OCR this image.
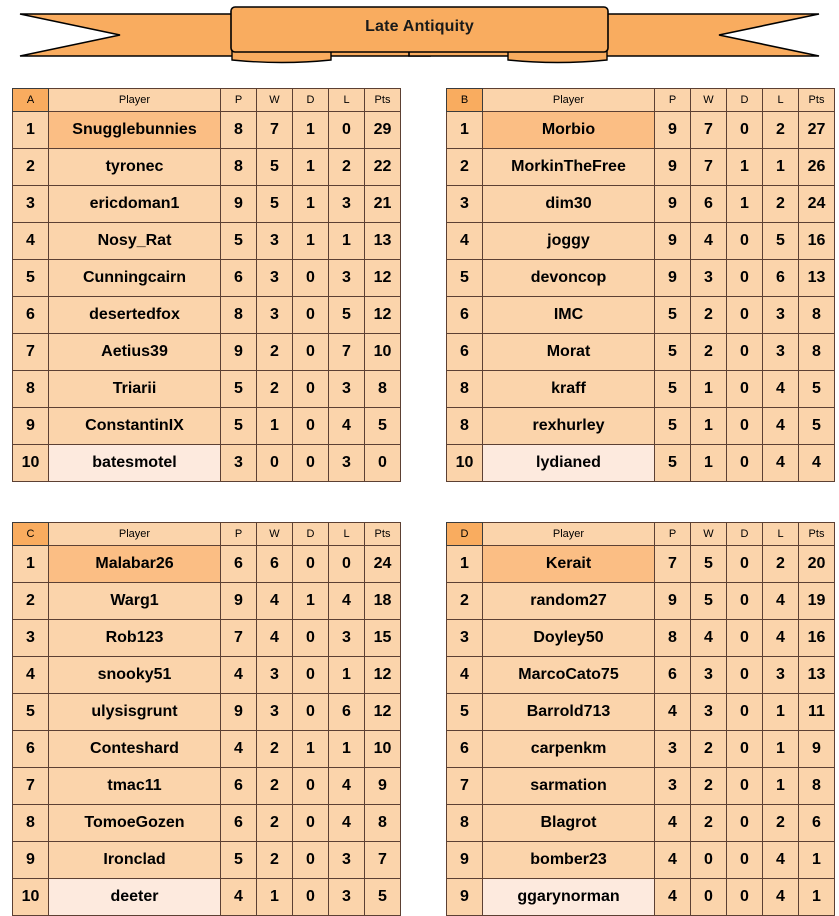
Late Antiquity
A	Player	P	W	D	L	Pts
1	Snugglebunnies	8	7	1	0	29
2	tyronec	8	5	1	2	22
3	ericdoman1	9	5	1	3	21
4	Nosy_Rat	5	3	1	1	13
5	Cunningcairn	6	3	0	3	12
6	desertedfox	8	3	0	5	12
7	Aetius39	9	2	0	7	10
8	Triarii	5	2	0	3	8
9	ConstantinIX	5	1	0	4	5
10	batesmotel	3	0	0	3	0
B	Player	P	W	D	L	Pts
1	Morbio	9	7	0	2	27
2	MorkinTheFree	9	7	1	1	26
3	dim30	9	6	1	2	24
4	joggy	9	4	0	5	16
5	devoncop	9	3	0	6	13
6	IMC	5	2	0	3	8
6	Morat	5	2	0	3	8
8	kraff	5	1	0	4	5
8	rexhurley	5	1	0	4	5
10	lydianed	5	1	0	4	4
C	Player	P	W	D	L	Pts
1	Malabar26	6	6	0	0	24
2	Warg1	9	4	1	4	18
3	Rob123	7	4	0	3	15
4	snooky51	4	3	0	1	12
5	ulysisgrunt	9	3	0	6	12
6	Conteshard	4	2	1	1	10
7	tmac11	6	2	0	4	9
8	TomoeGozen	6	2	0	4	8
9	Ironclad	5	2	0	3	7
10	deeter	4	1	0	3	5
D	Player	P	W	D	L	Pts
1	Kerait	7	5	0	2	20
2	random27	9	5	0	4	19
3	Doyley50	8	4	0	4	16
4	MarcoCato75	6	3	0	3	13
5	Barrold713	4	3	0	1	11
6	carpenkm	3	2	0	1	9
7	sarmation	3	2	0	1	8
8	Blagrot	4	2	0	2	6
9	bomber23	4	0	0	4	1
9	ggarynorman	4	0	0	4	1
